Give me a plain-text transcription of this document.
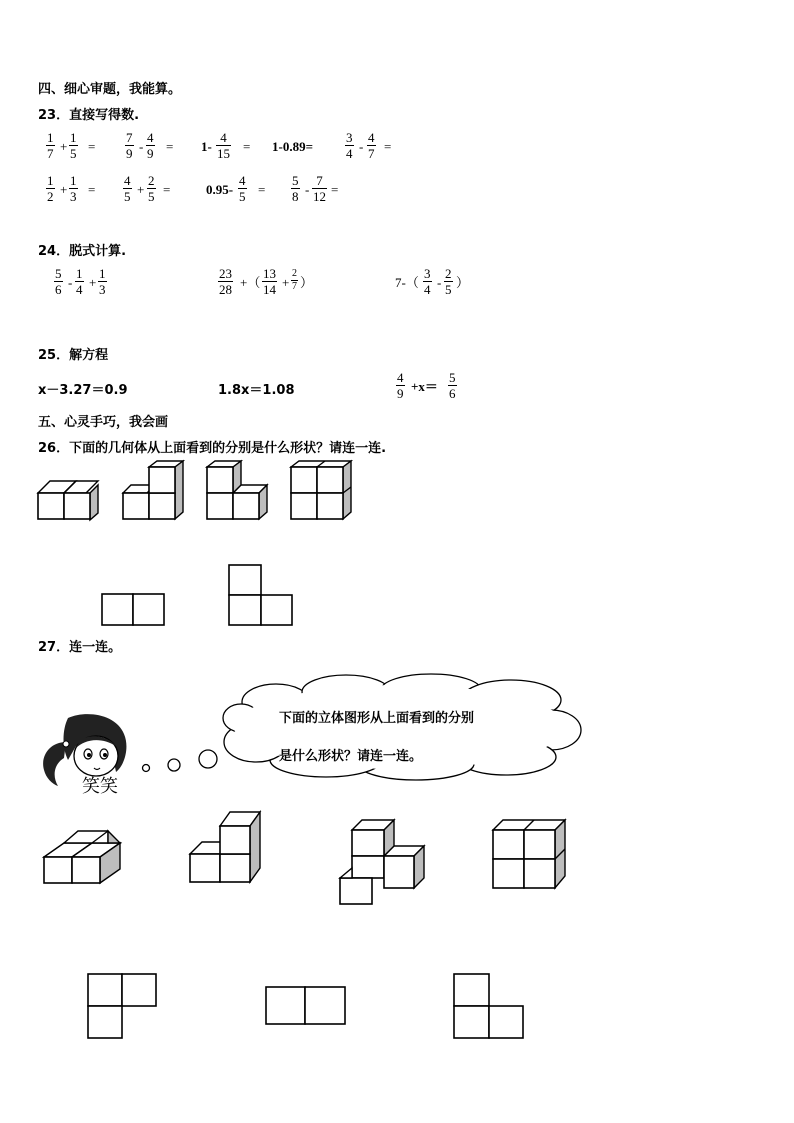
四、细心审题，我能算。
23．直接写得数.
$\frac{1}{7} + \frac{1}{5} = \frac{7}{9} - \frac{4}{9} = 1- \frac{4}{15} = 1-0.89= \frac{3}{4} - \frac{4}{7}$ =
$\frac{1}{2} + \frac{1}{3} = \frac{4}{5} + \frac{2}{5}$ =	$0.95- \frac{4}{5} = \frac{5}{8} - \frac{7}{12}$ =
24．脱式计算.
$\frac{5}{6} - \frac{1}{4} + \frac{1}{3}$	$\frac{23}{28}$ +（ $\frac{13}{14} + \frac{2}{7}$ ）	$7-( \frac{3}{4} - \frac{2}{5}$ ）
25．解方程
x－3.27＝0.9	1.8x＝1.08	$\frac{4}{9} +x= \frac{5}{6}$
五、心灵手巧，我会画
26．下面的几何体从上面看到的分别是什么形状？请连一连.
27．连一连。
下面的立体图形从上面看到的分别
是什么形状？请连一连。
笑笑
